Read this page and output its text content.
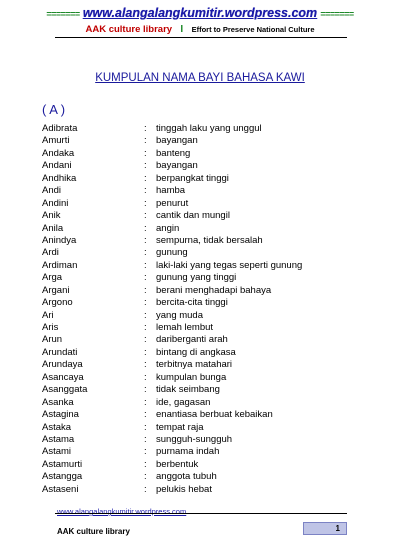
======= www.alangalangkumitir.wordpress.com =======
AAK culture library I Effort to Preserve National Culture
KUMPULAN NAMA BAYI BAHASA KAWI
( A )
Adibrata	: tinggah laku yang unggul
Amurti	: bayangan
Andaka	: banteng
Andani	: bayangan
Andhika	: berpangkat tinggi
Andi	: hamba
Andini	: penurut
Anik	: cantik dan mungil
Anila	: angin
Anindya	: sempurna, tidak bersalah
Ardi	: gunung
Ardiman	: laki-laki yang tegas seperti gunung
Arga	: gunung yang tinggi
Argani	: berani menghadapi bahaya
Argono	: bercita-cita tinggi
Ari	: yang muda
Aris	: lemah lembut
Arun	: dariberganti arah
Arundati	: bintang di angkasa
Arundaya	: terbitnya matahari
Asancaya	: kumpulan bunga
Asanggata	: tidak seimbang
Asanka	: ide, gagasan
Astagina	: enantiasa berbuat kebaikan
Astaka	: tempat raja
Astama	: sungguh-sungguh
Astami	: purnama indah
Astamurti	: berbentuk
Astangga	: anggota tubuh
Astaseni	: pelukis hebat
www.alangalangkumitir.wordpress.com
AAK culture library	1
